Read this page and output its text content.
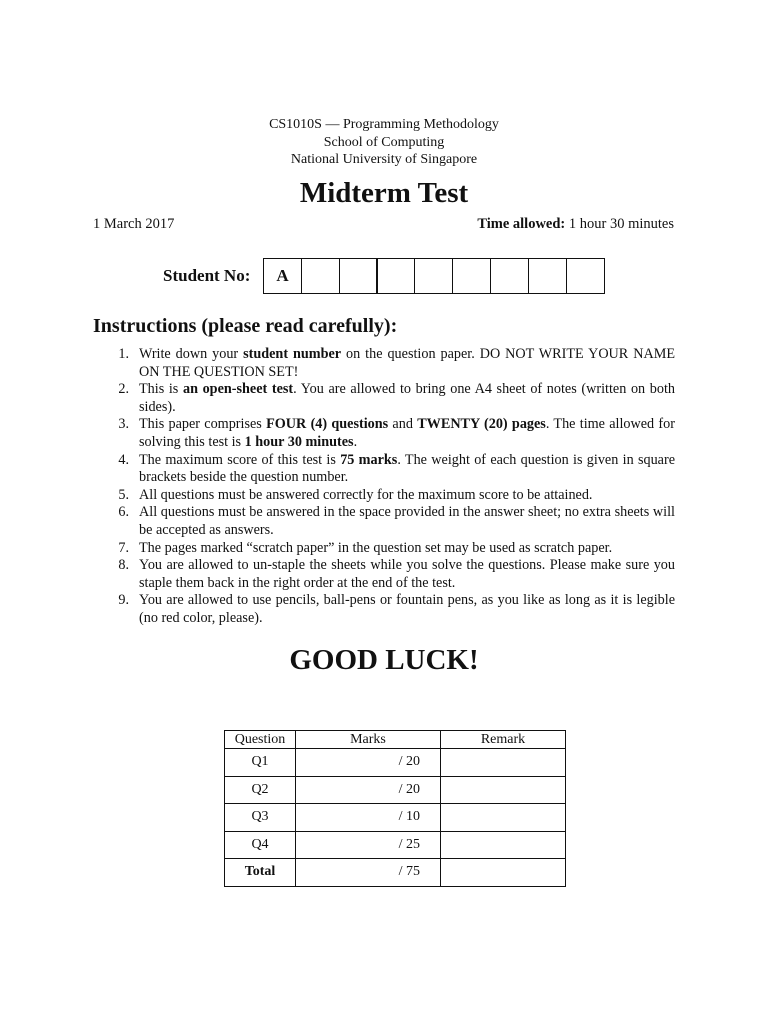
CS1010S — Programming Methodology
School of Computing
National University of Singapore
Midterm Test
1 March 2017	Time allowed: 1 hour 30 minutes
Student No:	A
Instructions (please read carefully):
1. Write down your student number on the question paper. DO NOT WRITE YOUR NAME ON THE QUESTION SET!
2. This is an open-sheet test. You are allowed to bring one A4 sheet of notes (written on both sides).
3. This paper comprises FOUR (4) questions and TWENTY (20) pages. The time allowed for solving this test is 1 hour 30 minutes.
4. The maximum score of this test is 75 marks. The weight of each question is given in square brackets beside the question number.
5. All questions must be answered correctly for the maximum score to be attained.
6. All questions must be answered in the space provided in the answer sheet; no extra sheets will be accepted as answers.
7. The pages marked “scratch paper” in the question set may be used as scratch paper.
8. You are allowed to un-staple the sheets while you solve the questions. Please make sure you staple them back in the right order at the end of the test.
9. You are allowed to use pencils, ball-pens or fountain pens, as you like as long as it is legible (no red color, please).
GOOD LUCK!
Question	Marks	Remark
Q1	/ 20	
Q2	/ 20	
Q3	/ 10	
Q4	/ 25	
Total	/ 75	
